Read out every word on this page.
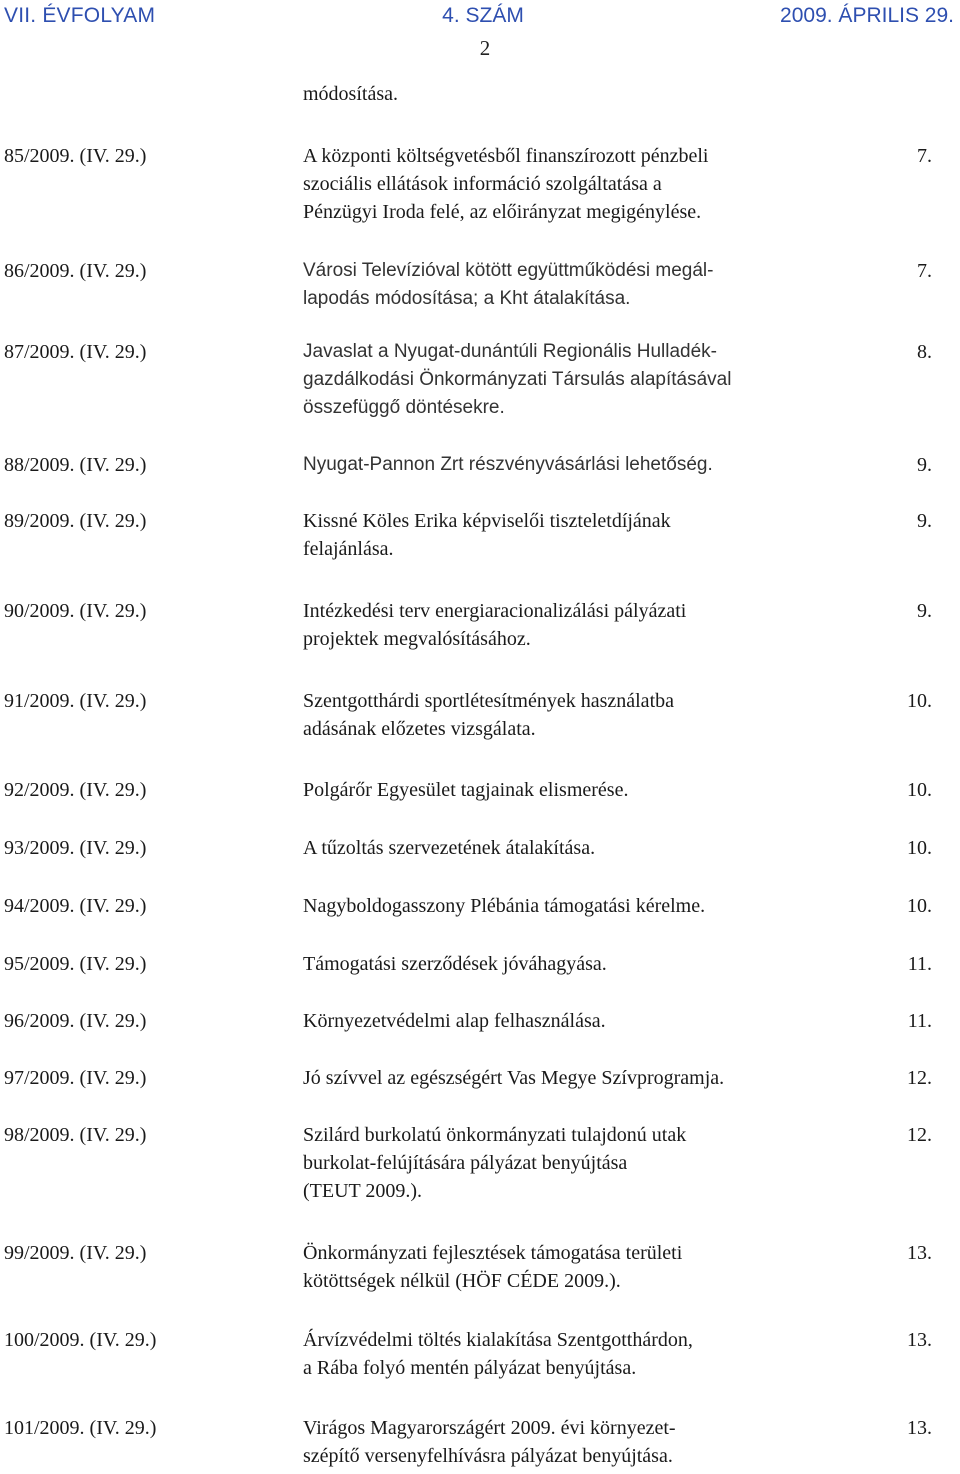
VII. ÉVFOLYAM	4. SZÁM	2009. ÁPRILIS 29.
2
módosítása.
85/2009. (IV. 29.)	A központi költségvetésből finanszírozott pénzbeli
szociális ellátások információ szolgáltatása a
Pénzügyi Iroda felé, az előirányzat megigénylése.
7.
86/2009. (IV. 29.)	Városi Televízióval kötött együttműködési megál-
lapodás módosítása; a Kht átalakítása.
7.
87/2009. (IV. 29.)	Javaslat a Nyugat-dunántúli Regionális Hulladék-
gazdálkodási Önkormányzati Társulás alapításával
összefüggő döntésekre.
8.
88/2009. (IV. 29.)	Nyugat-Pannon Zrt részvényvásárlási lehetőség.	9.
89/2009. (IV. 29.)	Kissné Köles Erika képviselői tiszteletdíjának
felajánlása.
9.
90/2009. (IV. 29.)	Intézkedési terv energiaracionalizálási pályázati
projektek megvalósításához.
9.
91/2009. (IV. 29.)	Szentgotthárdi sportlétesítmények használatba
adásának előzetes vizsgálata.
10.
92/2009. (IV. 29.)	Polgárőr Egyesület tagjainak elismerése.	10.
93/2009. (IV. 29.)	A tűzoltás szervezetének átalakítása.	10.
94/2009. (IV. 29.)	Nagyboldogasszony Plébánia támogatási kérelme.	10.
95/2009. (IV. 29.)	Támogatási szerződések jóváhagyása.	11.
96/2009. (IV. 29.)	Környezetvédelmi alap felhasználása.	11.
97/2009. (IV. 29.)	Jó szívvel az egészségért Vas Megye Szívprogramja.	12.
98/2009. (IV. 29.)	Szilárd burkolatú önkormányzati tulajdonú utak
burkolat-felújítására pályázat benyújtása
(TEUT 2009.).
12.
99/2009. (IV. 29.)	Önkormányzati fejlesztések támogatása területi
kötöttségek nélkül (HÖF CÉDE 2009.).
13.
100/2009. (IV. 29.)	Árvízvédelmi töltés kialakítása Szentgotthárdon,
a Rába folyó mentén pályázat benyújtása.
13.
101/2009. (IV. 29.)	Virágos Magyarországért 2009. évi környezet-
szépítő versenyfelhívásra pályázat benyújtása.
13.
